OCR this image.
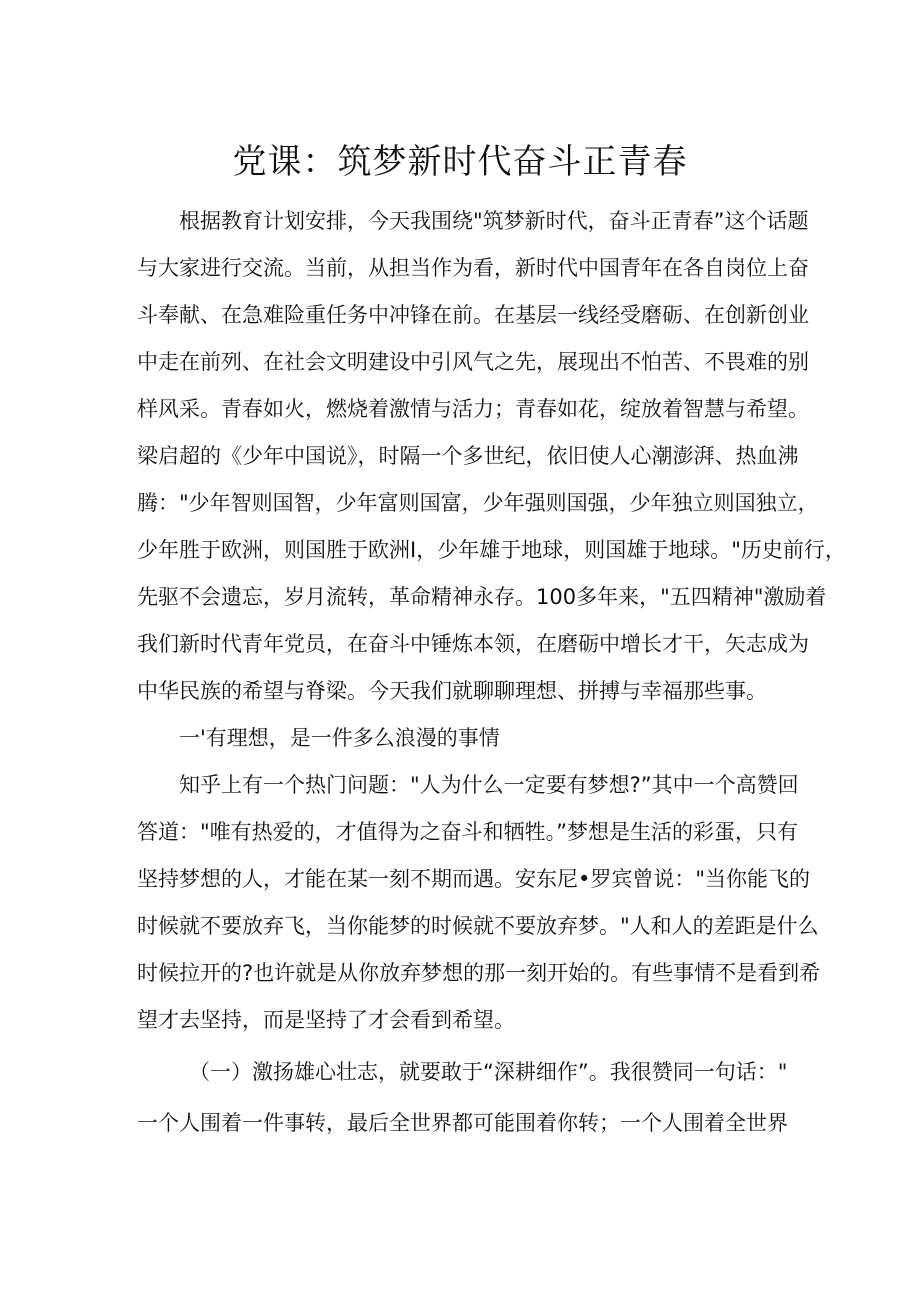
党课：筑梦新时代奋斗正青春
根据教育计划安排，今天我围绕"筑梦新时代，奋斗正青春”这个话题
与大家进行交流。当前，从担当作为看，新时代中国青年在各自岗位上奋
斗奉献、在急难险重任务中冲锋在前。在基层一线经受磨砺、在创新创业
中走在前列、在社会文明建设中引风气之先，展现出不怕苦、不畏难的别
样风采。青春如火，燃烧着激情与活力；青春如花，绽放着智慧与希望。
梁启超的《少年中国说》，时隔一个多世纪，依旧使人心潮澎湃、热血沸
腾："少年智则国智，少年富则国富，少年强则国强，少年独立则国独立，
少年胜于欧洲，则国胜于欧洲I，少年雄于地球，则国雄于地球。"历史前行，
先驱不会遗忘，岁月流转，革命精神永存。100多年来，"五四精神"激励着
我们新时代青年党员，在奋斗中锤炼本领，在磨砺中增长才干，矢志成为
中华民族的希望与脊梁。今天我们就聊聊理想、拼搏与幸福那些事。
一'有理想，是一件多么浪漫的事情
知乎上有一个热门问题："人为什么一定要有梦想?”其中一个高赞回
答道："唯有热爱的，才值得为之奋斗和牺牲。”梦想是生活的彩蛋，只有
坚持梦想的人，才能在某一刻不期而遇。安东尼•罗宾曾说："当你能飞的
时候就不要放弃飞，当你能梦的时候就不要放弃梦。"人和人的差距是什么
时候拉开的?也许就是从你放弃梦想的那一刻开始的。有些事情不是看到希
望才去坚持，而是坚持了才会看到希望。
（一）激扬雄心壮志，就要敢于“深耕细作”。我很赞同一句话："
一个人围着一件事转，最后全世界都可能围着你转；一个人围着全世界
